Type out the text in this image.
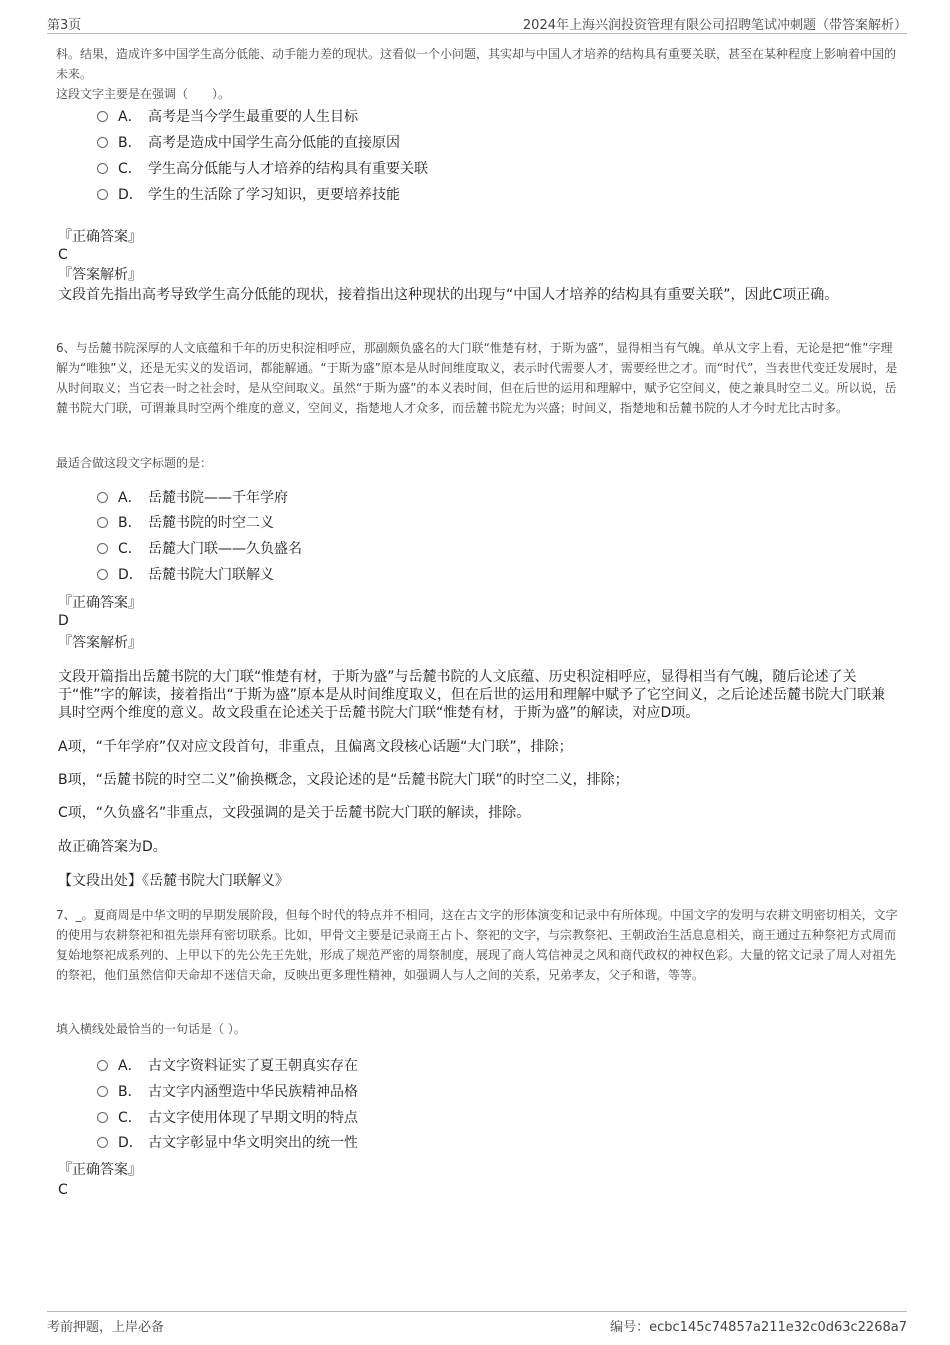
第3页	2024年上海兴润投资管理有限公司招聘笔试冲刺题（带答案解析）

科。结果，造成许多中国学生高分低能、动手能力差的现状。这看似一个小问题，其实却与中国人才培养的结构具有重要关联，甚至在某种程度上影响着中国的未来。

这段文字主要是在强调（　　）。

A． 高考是当今学生最重要的人生目标
B． 高考是造成中国学生高分低能的直接原因
C． 学生高分低能与人才培养的结构具有重要关联
D． 学生的生活除了学习知识，更要培养技能
『正确答案』
C
『答案解析』

文段首先指出高考导致学生高分低能的现状，接着指出这种现状的出现与“中国人才培养的结构具有重要关联”，因此C项正确。

6、与岳麓书院深厚的人文底蕴和千年的历史积淀相呼应，那副颇负盛名的大门联“惟楚有材，于斯为盛”，显得相当有气魄。单从文字上看，无论是把“惟”字理解为“唯独”义，还是无实义的发语词，都能解通。“于斯为盛”原本是从时间维度取义，表示时代需要人才，需要经世之才。而“时代”，当表世代变迁发展时，是从时间取义；当它表一时之社会时，是从空间取义。虽然“于斯为盛”的本义表时间，但在后世的运用和理解中，赋予它空间义，使之兼具时空二义。所以说，岳麓书院大门联，可谓兼具时空两个维度的意义，空间义，指楚地人才众多，而岳麓书院尤为兴盛；时间义，指楚地和岳麓书院的人才今时尤比古时多。

最适合做这段文字标题的是：

A． 岳麓书院——千年学府
B． 岳麓书院的时空二义
C． 岳麓大门联——久负盛名
D． 岳麓书院大门联解义
『正确答案』
D
『答案解析』

文段开篇指出岳麓书院的大门联“惟楚有材，于斯为盛”与岳麓书院的人文底蕴、历史积淀相呼应，显得相当有气魄，随后论述了关于“惟”字的解读，接着指出“于斯为盛”原本是从时间维度取义，但在后世的运用和理解中赋予了它空间义，之后论述岳麓书院大门联兼具时空两个维度的意义。故文段重在论述关于岳麓书院大门联“惟楚有材，于斯为盛”的解读，对应D项。

A项，“千年学府”仅对应文段首句，非重点，且偏离文段核心话题“大门联”，排除；

B项，“岳麓书院的时空二义”偷换概念，文段论述的是“岳麓书院大门联”的时空二义，排除；

C项，“久负盛名”非重点，文段强调的是关于岳麓书院大门联的解读，排除。

故正确答案为D。

【文段出处】《岳麓书院大门联解义》

7、_。夏商周是中华文明的早期发展阶段，但每个时代的特点并不相同，这在古文字的形体演变和记录中有所体现。中国文字的发明与农耕文明密切相关，文字的使用与农耕祭祀和祖先崇拜有密切联系。比如，甲骨文主要是记录商王占卜、祭祀的文字，与宗教祭祀、王朝政治生活息息相关，商王通过五种祭祀方式周而复始地祭祀成系列的、上甲以下的先公先王先妣，形成了规范严密的周祭制度，展现了商人笃信神灵之风和商代政权的神权色彩。大量的铭文记录了周人对祖先的祭祀，他们虽然信仰天命却不迷信天命，反映出更多理性精神，如强调人与人之间的关系，兄弟孝友，父子和谐，等等。

填入横线处最恰当的一句话是（ ）。

A． 古文字资料证实了夏王朝真实存在
B． 古文字内涵塑造中华民族精神品格
C． 古文字使用体现了早期文明的特点
D． 古文字彰显中华文明突出的统一性
『正确答案』
C
考前押题，上岸必备	编号：ecbc145c74857a211e32c0d63c2268a7
